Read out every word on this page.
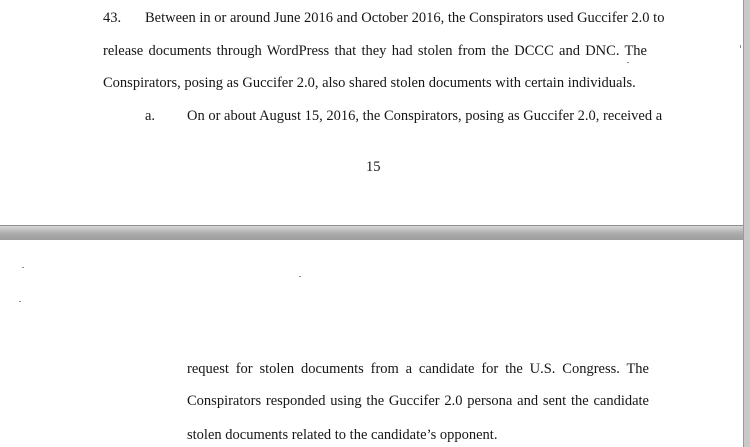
43. Between in or around June 2016 and October 2016, the Conspirators used Guccifer 2.0 to
release documents through WordPress that they had stolen from the DCCC and DNC. The
Conspirators, posing as Guccifer 2.0, also shared stolen documents with certain individuals.
a. On or about August 15, 2016, the Conspirators, posing as Guccifer 2.0, received a
15
request for stolen documents from a candidate for the U.S. Congress. The
Conspirators responded using the Guccifer 2.0 persona and sent the candidate
stolen documents related to the candidate’s opponent.
